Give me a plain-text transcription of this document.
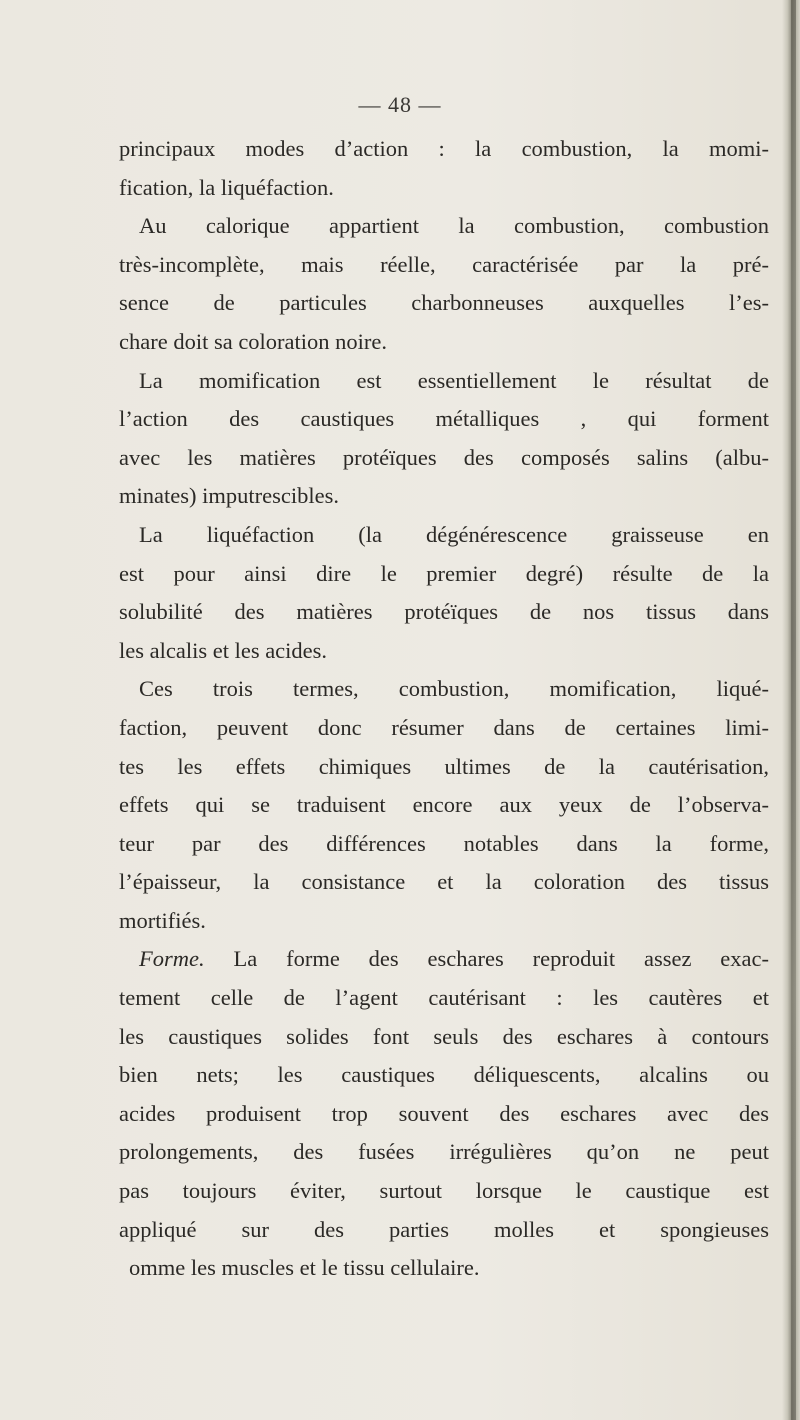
— 48 —
principaux modes d’action : la combustion, la momi-
fication, la liquéfaction.
Au calorique appartient la combustion, combustion
très-incomplète, mais réelle, caractérisée par la pré-
sence de particules charbonneuses auxquelles l’es-
chare doit sa coloration noire.
La momification est essentiellement le résultat de
l’action des caustiques métalliques , qui forment
avec les matières protéïques des composés salins (albu-
minates) imputrescibles.
La liquéfaction (la dégénérescence graisseuse en
est pour ainsi dire le premier degré) résulte de la
solubilité des matières protéïques de nos tissus dans
les alcalis et les acides.
Ces trois termes, combustion, momification, liqué-
faction, peuvent donc résumer dans de certaines limi-
tes les effets chimiques ultimes de la cautérisation,
effets qui se traduisent encore aux yeux de l’observa-
teur par des différences notables dans la forme,
l’épaisseur, la consistance et la coloration des tissus
mortifiés.
Forme. La forme des eschares reproduit assez exac-
tement celle de l’agent cautérisant : les cautères et
les caustiques solides font seuls des eschares à contours
bien nets; les caustiques déliquescents, alcalins ou
acides produisent trop souvent des eschares avec des
prolongements, des fusées irrégulières qu’on ne peut
pas toujours éviter, surtout lorsque le caustique est
appliqué sur des parties molles et spongieuses
omme les muscles et le tissu cellulaire.
